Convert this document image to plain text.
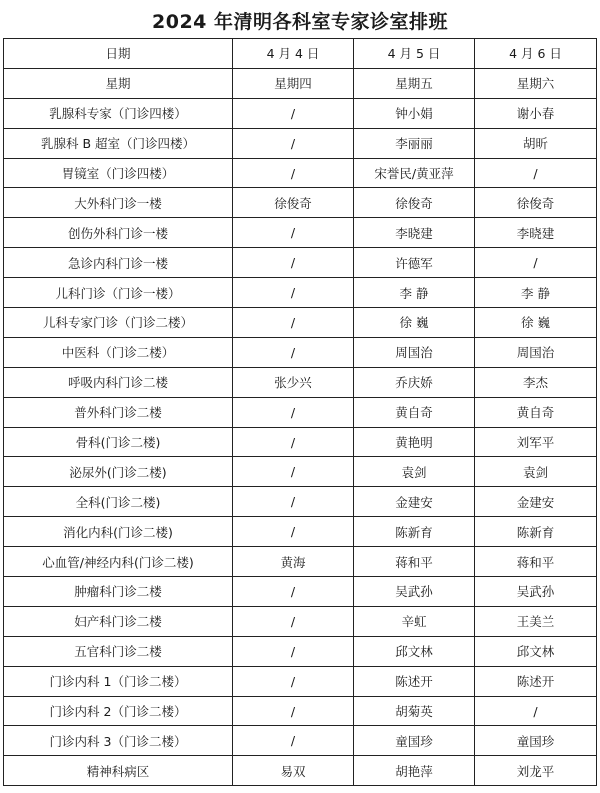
2024 年清明各科室专家诊室排班
日期	4 月 4 日	4 月 5 日	4 月 6 日
星期	星期四	星期五	星期六
乳腺科专家（门诊四楼）	/	钟小娟	谢小春
乳腺科 B 超室（门诊四楼）	/	李丽丽	胡昕
胃镜室（门诊四楼）	/	宋誉民/黄亚萍	/
大外科门诊一楼	徐俊奇	徐俊奇	徐俊奇
创伤外科门诊一楼	/	李晓建	李晓建
急诊内科门诊一楼	/	许德军	/
儿科门诊（门诊一楼）	/	李 静	李 静
儿科专家门诊（门诊二楼）	/	徐 巍	徐 巍
中医科（门诊二楼）	/	周国治	周国治
呼吸内科门诊二楼	张少兴	乔庆娇	李杰
普外科门诊二楼	/	黄自奇	黄自奇
骨科(门诊二楼)	/	黄艳明	刘军平
泌尿外(门诊二楼)	/	袁剑	袁剑
全科(门诊二楼)	/	金建安	金建安
消化内科(门诊二楼)	/	陈新育	陈新育
心血管/神经内科(门诊二楼)	黄海	蒋和平	蒋和平
肿瘤科门诊二楼	/	吴武孙	吴武孙
妇产科门诊二楼	/	辛虹	王美兰
五官科门诊二楼	/	邱文林	邱文林
门诊内科 1（门诊二楼）	/	陈述开	陈述开
门诊内科 2（门诊二楼）	/	胡菊英	/
门诊内科 3（门诊二楼）	/	童国珍	童国珍
精神科病区	易双	胡艳萍	刘龙平
